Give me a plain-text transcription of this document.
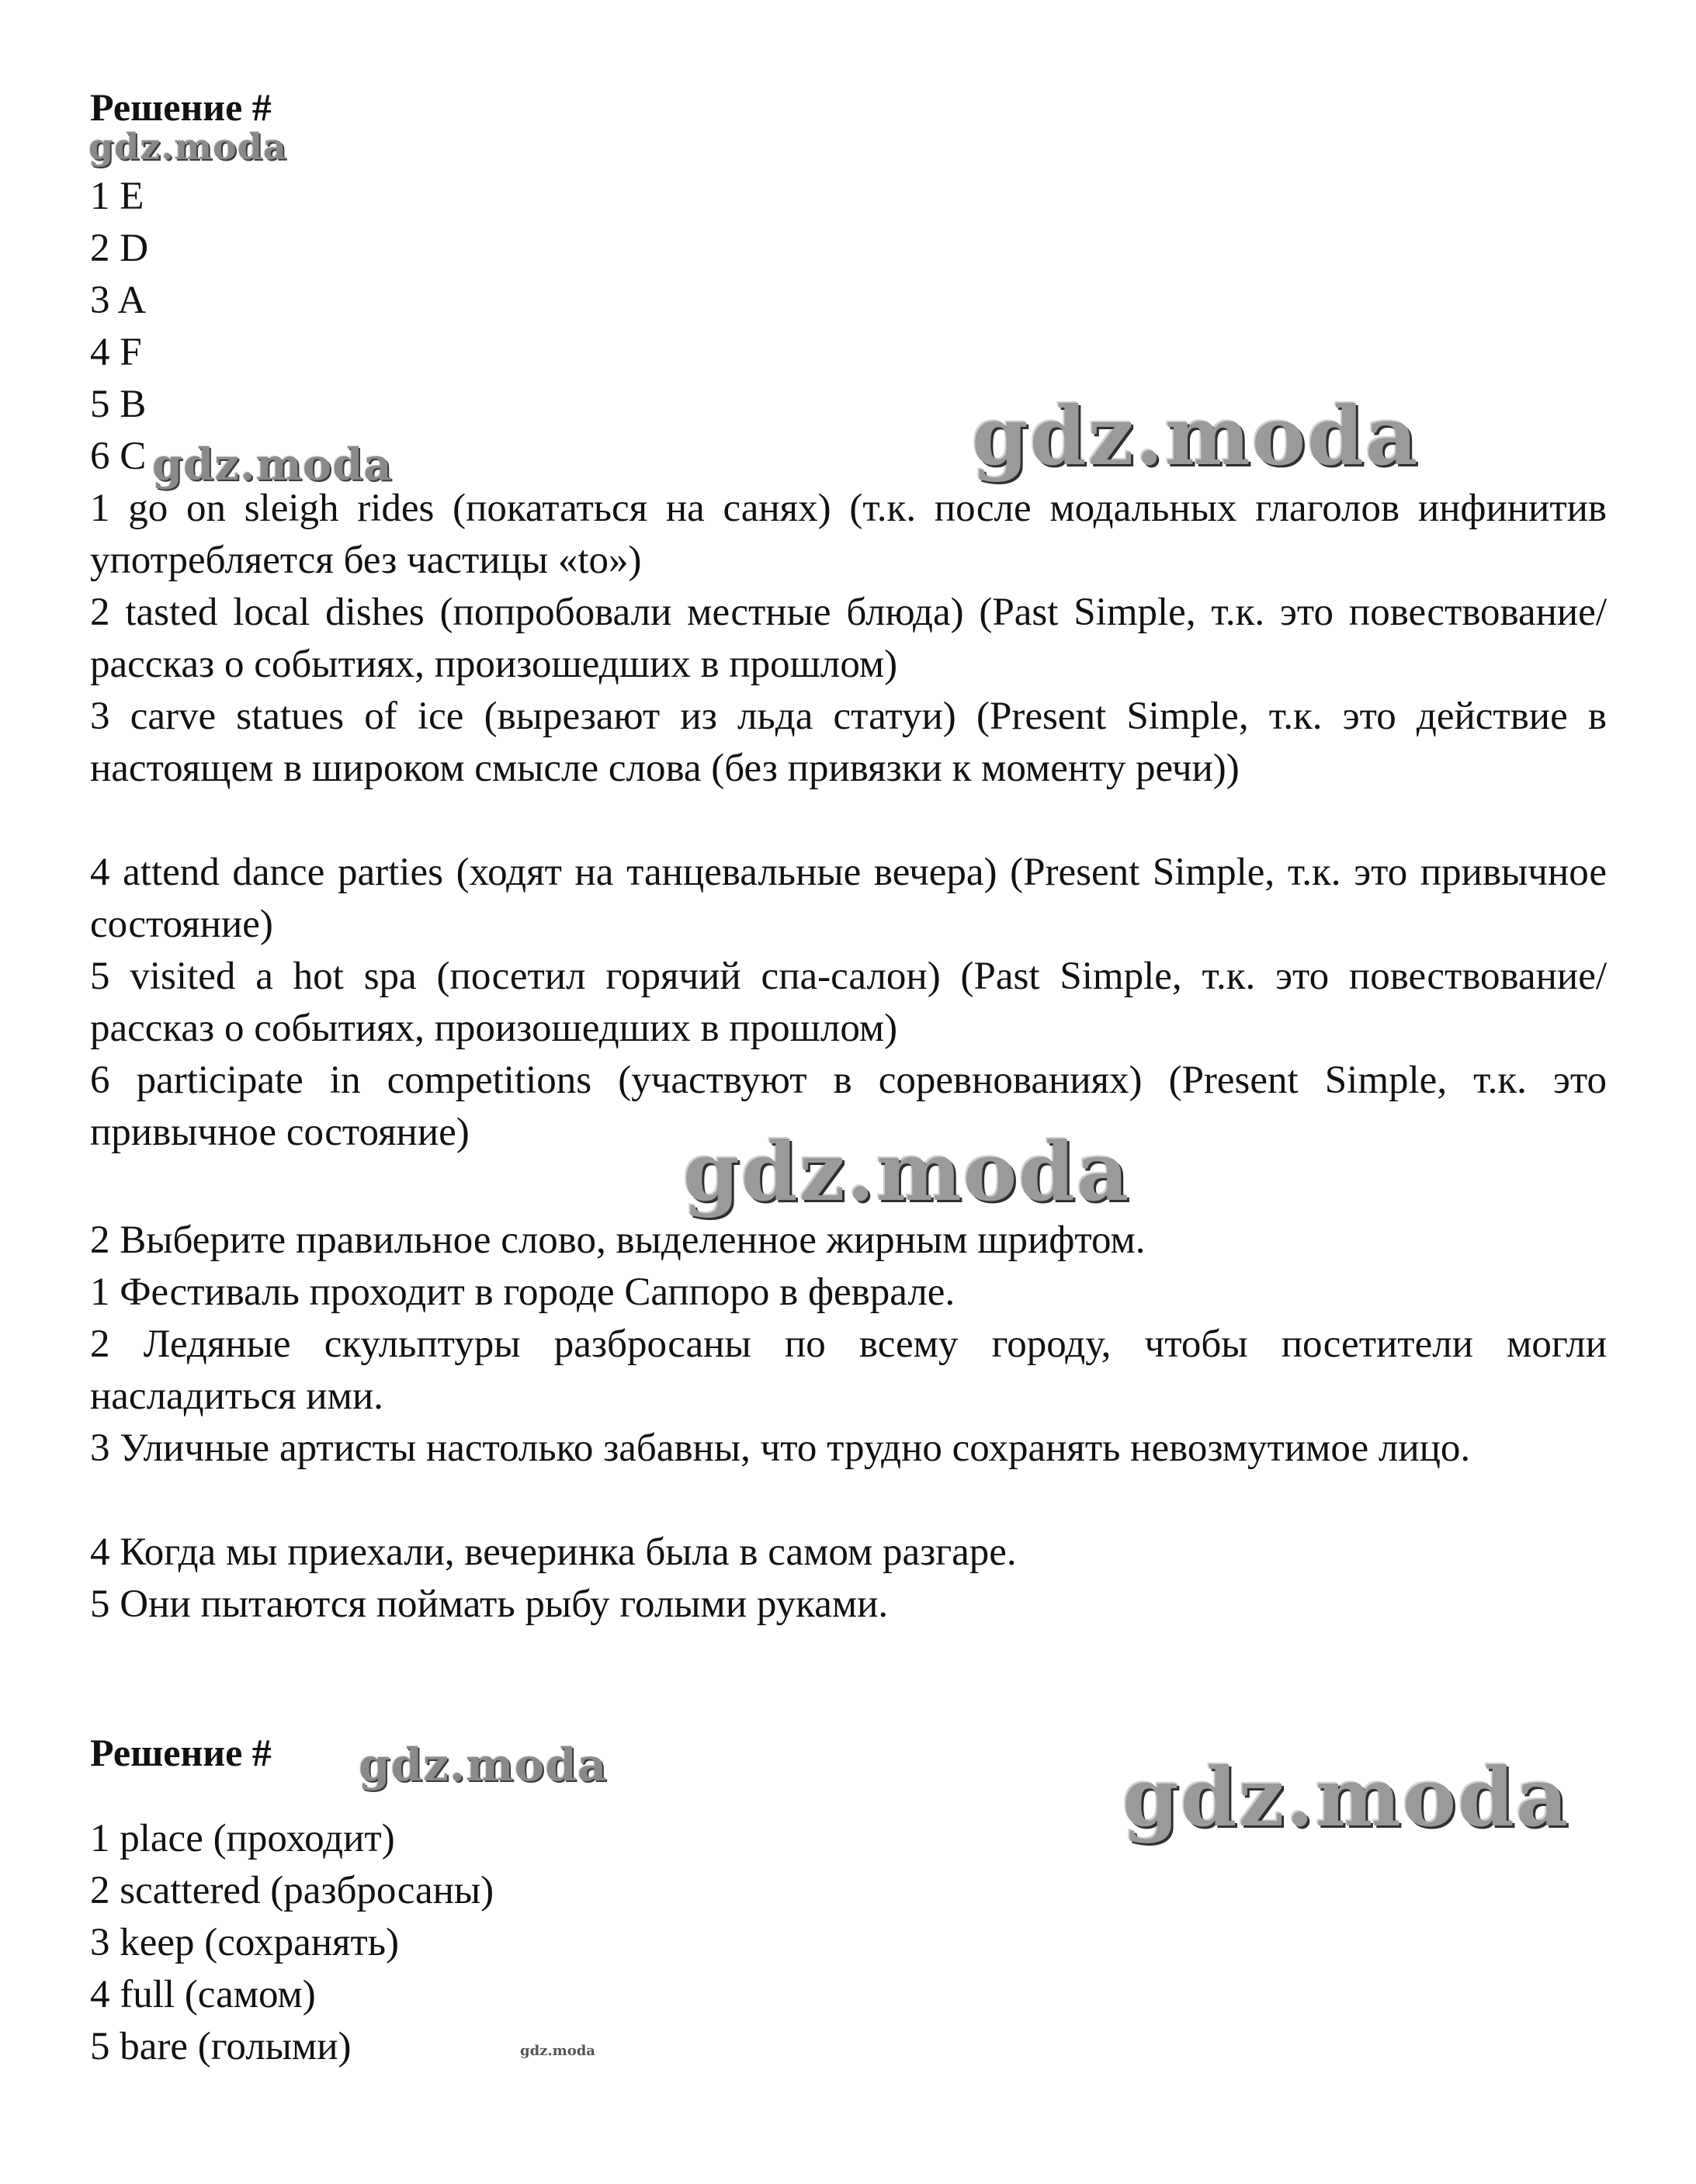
Решение #
gdz.moda
1 E
2 D
3 A
4 F
5 B
6 C
1 go on sleigh rides (покататься на санях) (т.к. после модальных глаголов инфинитив употребляется без частицы «to»)
2 tasted local dishes (попробовали местные блюда) (Past Simple, т.к. это повествование/рассказ о событиях, произошедших в прошлом)
3 carve statues of ice (вырезают из льда статуи) (Present Simple, т.к. это действие в настоящем в широком смысле слова (без привязки к моменту речи))
4 attend dance parties (ходят на танцевальные вечера) (Present Simple, т.к. это привычное состояние)
5 visited a hot spa (посетил горячий спа-салон) (Past Simple, т.к. это повествование/рассказ о событиях, произошедших в прошлом)
6 participate in competitions (участвуют в соревнованиях) (Present Simple, т.к. это привычное состояние)
2 Выберите правильное слово, выделенное жирным шрифтом.
1 Фестиваль проходит в городе Саппоро в феврале.
2 Ледяные скульптуры разбросаны по всему городу, чтобы посетители могли насладиться ими.
3 Уличные артисты настолько забавны, что трудно сохранять невозмутимое лицо.
4 Когда мы приехали, вечеринка была в самом разгаре.
5 Они пытаются поймать рыбу голыми руками.
Решение #
1 place (проходит)
2 scattered (разбросаны)
3 keep (сохранять)
4 full (самом)
5 bare (голыми)
gdz.moda	gdz.moda
gdz.moda
gdz.moda	gdz.moda
gdz.moda
